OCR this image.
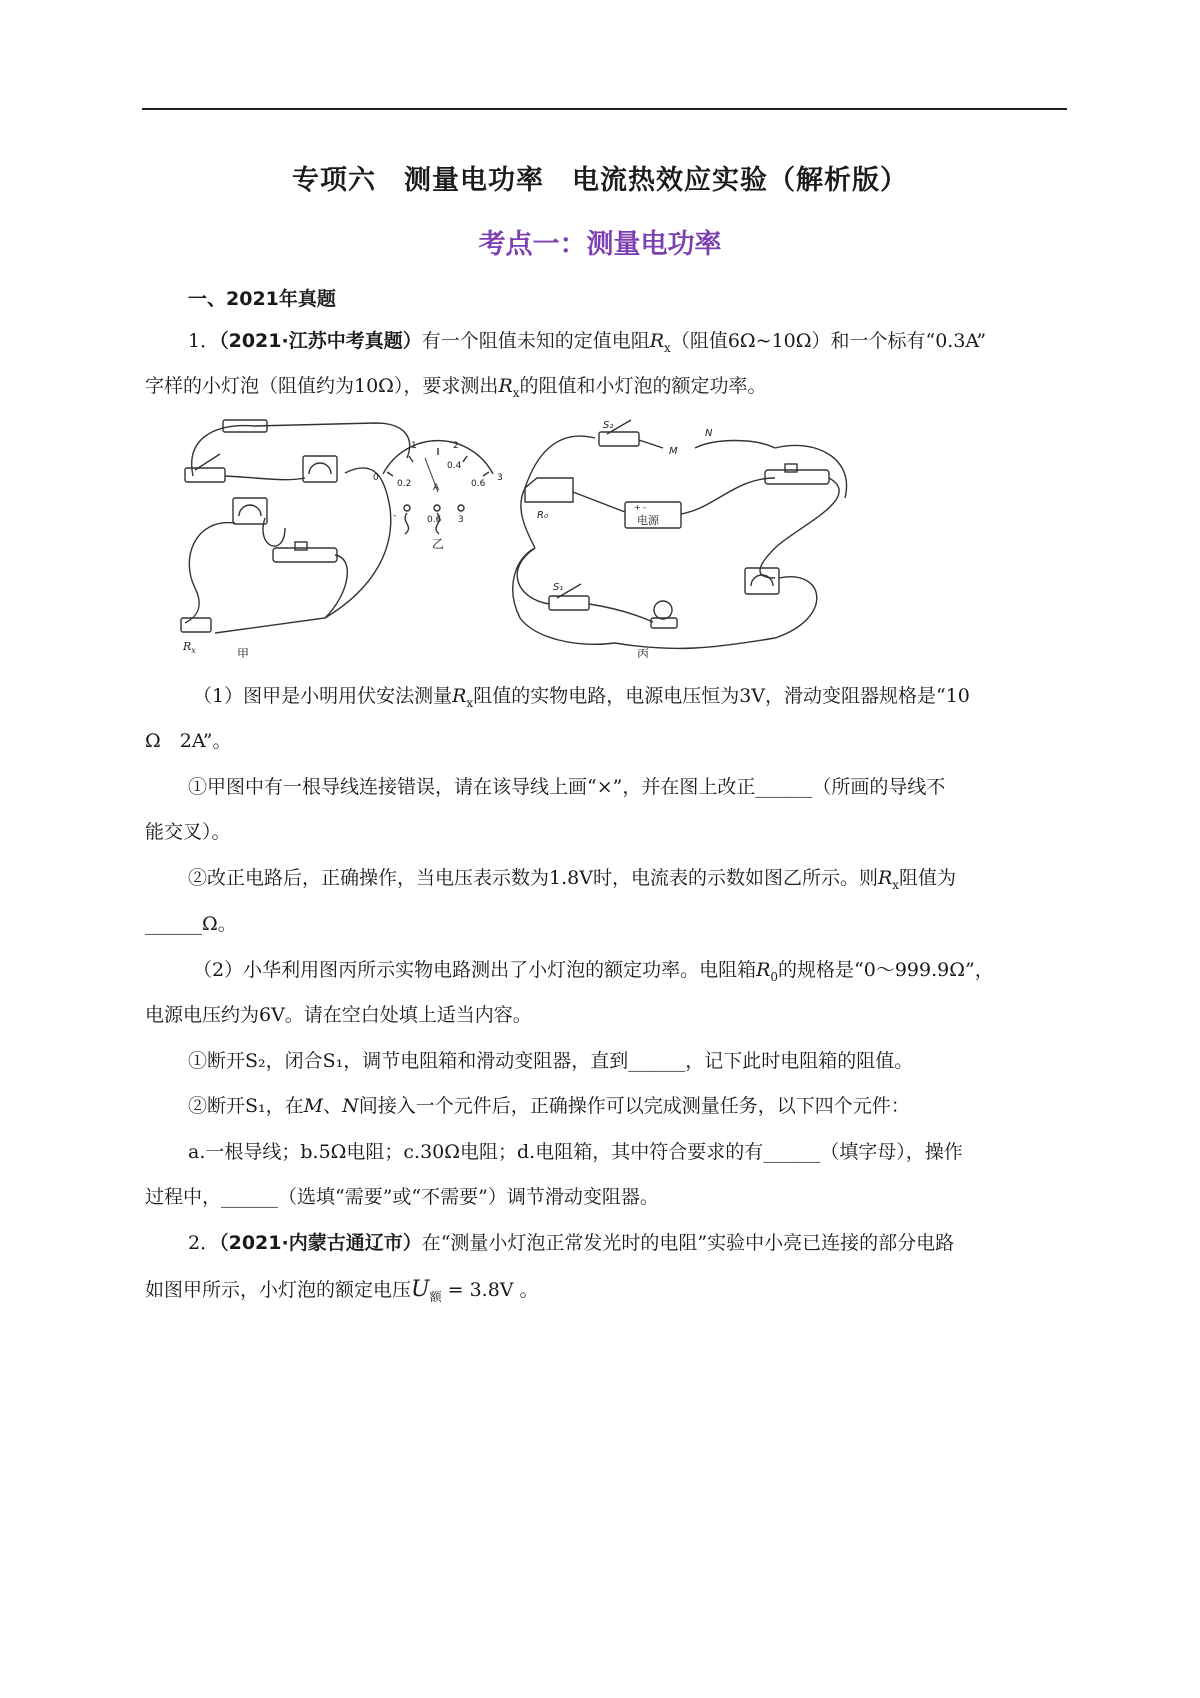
专项六　测量电功率　电流热效应实验（解析版）
考点一：测量电功率
一、2021年真题
1．（2021·江苏中考真题）有一个阻值未知的定值电阻$R_x$（阻值6Ω~10Ω）和一个标有“0.3A”
字样的小灯泡（阻值约为10Ω），要求测出$R_x$的阻值和小灯泡的额定功率。
$R_x$	甲
0
1	2
3
0.2
0.4
0.6
A
-	0.6 3
乙
S₂
M
N
R₀
+ -
电源
S₁
丙
（1）图甲是小明用伏安法测量$R_x$阻值的实物电路，电源电压恒为3V，滑动变阻器规格是“10
Ω　2A”。
①甲图中有一根导线连接错误，请在该导线上画“×”，并在图上改正______（所画的导线不
能交叉）。
②改正电路后，正确操作，当电压表示数为1.8V时，电流表的示数如图乙所示。则$R_x$阻值为
______Ω。
（2）小华利用图丙所示实物电路测出了小灯泡的额定功率。电阻箱$R_0$的规格是“0～999.9Ω”，
电源电压约为6V。请在空白处填上适当内容。
①断开S₂，闭合S₁，调节电阻箱和滑动变阻器，直到______，记下此时电阻箱的阻值。
②断开S₁，在M、N间接入一个元件后，正确操作可以完成测量任务，以下四个元件：
a.一根导线；b.5Ω电阻；c.30Ω电阻；d.电阻箱，其中符合要求的有______（填字母），操作
过程中，______（选填“需要”或“不需要”）调节滑动变阻器。
2．（2021·内蒙古通辽市）在“测量小灯泡正常发光时的电阻”实验中小亮已连接的部分电路
如图甲所示，小灯泡的额定电压$U_额 = 3.8V$ 。
